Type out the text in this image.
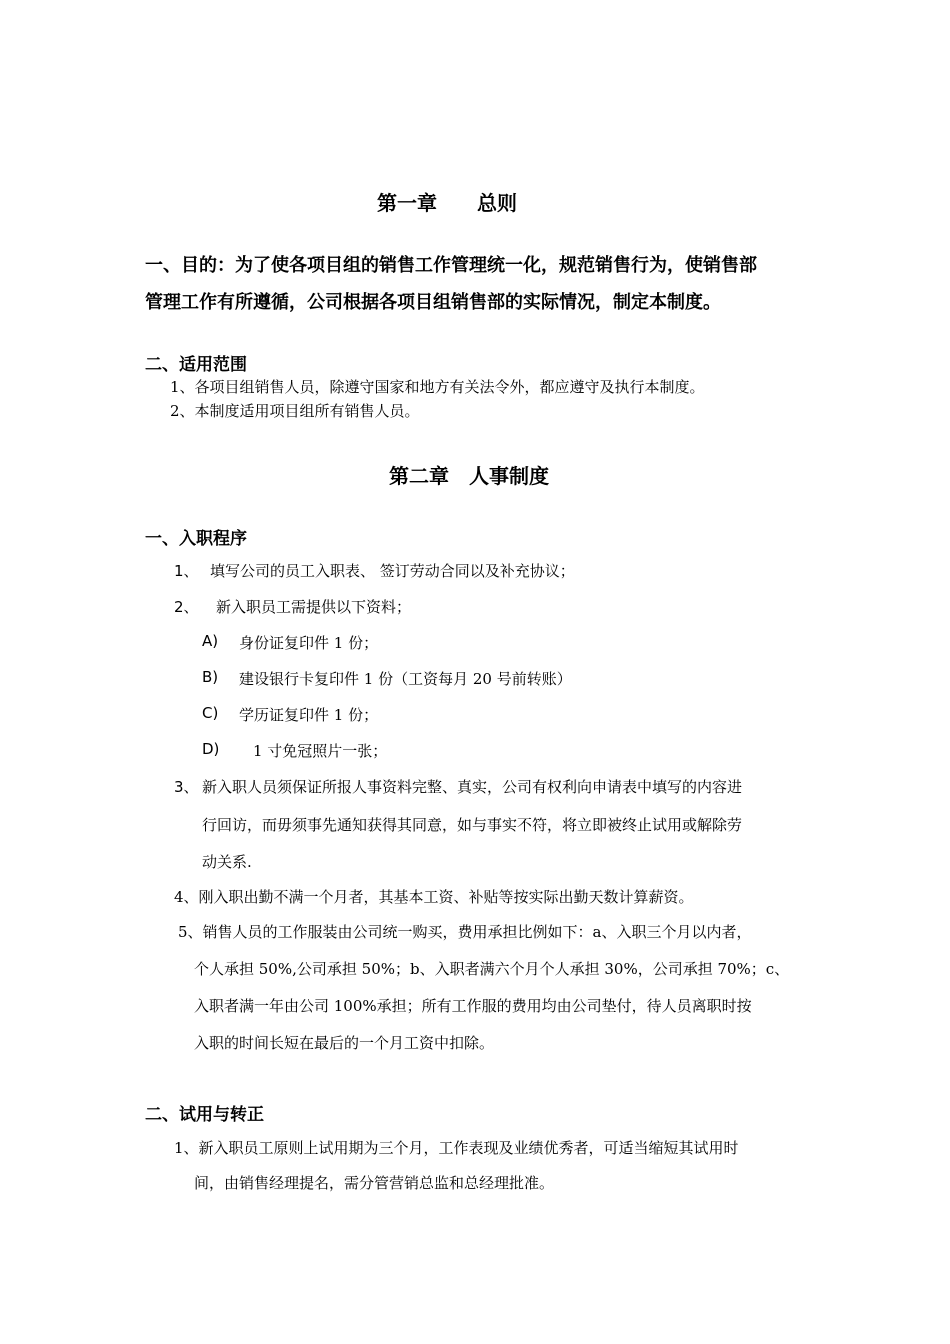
第一章　　总则
一、目的：为了使各项目组的销售工作管理统一化，规范销售行为，使销售部
管理工作有所遵循，公司根据各项目组销售部的实际情况，制定本制度。
二、适用范围
1、各项目组销售人员，除遵守国家和地方有关法令外，都应遵守及执行本制度。
2、本制度适用项目组所有销售人员。
第二章　人事制度
一、入职程序
1、 填写公司的员工入职表、 签订劳动合同以及补充协议；
2、 新入职员工需提供以下资料；
A) 身份证复印件 1 份；
B) 建设银行卡复印件 1 份（工资每月 20 号前转账）
C) 学历证复印件 1 份；
D) 1 寸免冠照片一张；
3、 新入职人员须保证所报人事资料完整、真实，公司有权利向申请表中填写的内容进
行回访，而毋须事先通知获得其同意，如与事实不符，将立即被终止试用或解除劳
动关系.
4、刚入职出勤不满一个月者，其基本工资、补贴等按实际出勤天数计算薪资。
5、销售人员的工作服装由公司统一购买，费用承担比例如下：a、入职三个月以内者，
个人承担 50%,公司承担 50%；b、入职者满六个月个人承担 30%，公司承担 70%；c、
入职者满一年由公司 100%承担；所有工作服的费用均由公司垫付，待人员离职时按
入职的时间长短在最后的一个月工资中扣除。
二、试用与转正
1、新入职员工原则上试用期为三个月，工作表现及业绩优秀者，可适当缩短其试用时
间，由销售经理提名，需分管营销总监和总经理批准。
